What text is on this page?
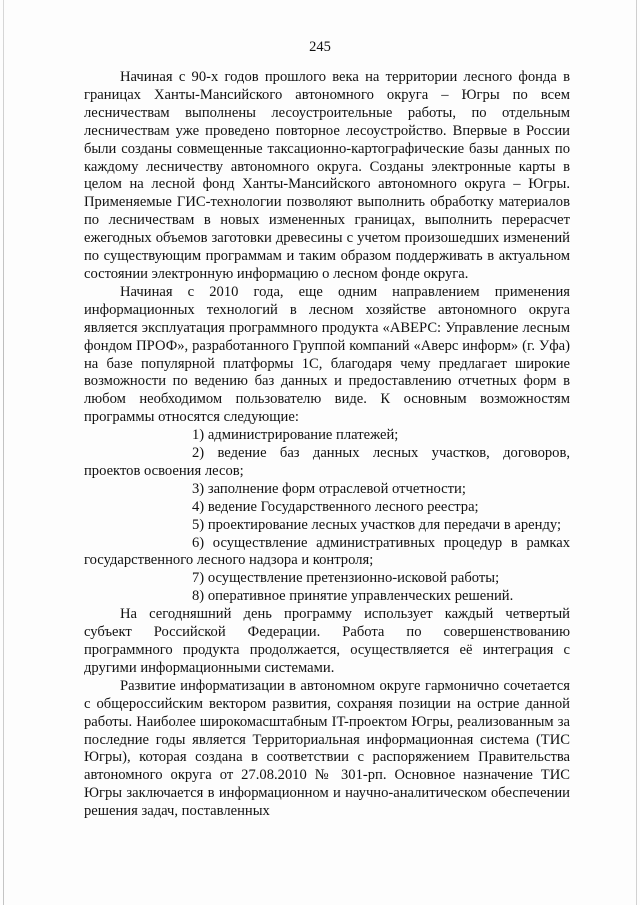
245

Начиная с 90-х годов прошлого века на территории лесного фонда в границах Ханты-Мансийского автономного округа – Югры по всем лесничествам выполнены лесоустроительные работы, по отдельным лесничествам уже проведено повторное лесоустройство. Впервые в России были созданы совмещенные таксационно-картографические базы данных по каждому лесничеству автономного округа. Созданы электронные карты в целом на лесной фонд Ханты-Мансийского автономного округа – Югры. Применяемые ГИС-технологии позволяют выполнить обработку материалов по лесничествам в новых измененных границах, выполнить перерасчет ежегодных объемов заготовки древесины с учетом произошедших изменений по существующим программам и таким образом поддерживать в актуальном состоянии электронную информацию о лесном фонде округа.

Начиная с 2010 года, еще одним направлением применения информационных технологий в лесном хозяйстве автономного округа является эксплуатация программного продукта «АВЕРС: Управление лесным фондом ПРОФ», разработанного Группой компаний «Аверс информ» (г. Уфа) на базе популярной платформы 1С, благодаря чему предлагает широкие возможности по ведению баз данных и предоставлению отчетных форм в любом необходимом пользователю виде. К основным возможностям программы относятся следующие:

1) администрирование платежей;

2) ведение баз данных лесных участков, договоров, проектов освоения лесов;

3) заполнение форм отраслевой отчетности;

4) ведение Государственного лесного реестра;

5) проектирование лесных участков для передачи в аренду;

6) осуществление административных процедур в рамках государственного лесного надзора и контроля;

7) осуществление претензионно-исковой работы;

8) оперативное принятие управленческих решений.

На сегодняшний день программу использует каждый четвертый субъект Российской Федерации. Работа по совершенствованию программного продукта продолжается, осуществляется её интеграция с другими информационными системами.

Развитие информатизации в автономном округе гармонично сочетается с общероссийским вектором развития, сохраняя позиции на острие данной работы. Наиболее широкомасштабным IT-проектом Югры, реализованным за последние годы является Территориальная информационная система (ТИС Югры), которая создана в соответствии с распоряжением Правительства автономного округа от 27.08.2010 № 301-рп. Основное назначение ТИС Югры заключается в информационном и научно-аналитическом обеспечении решения задач, поставленных
